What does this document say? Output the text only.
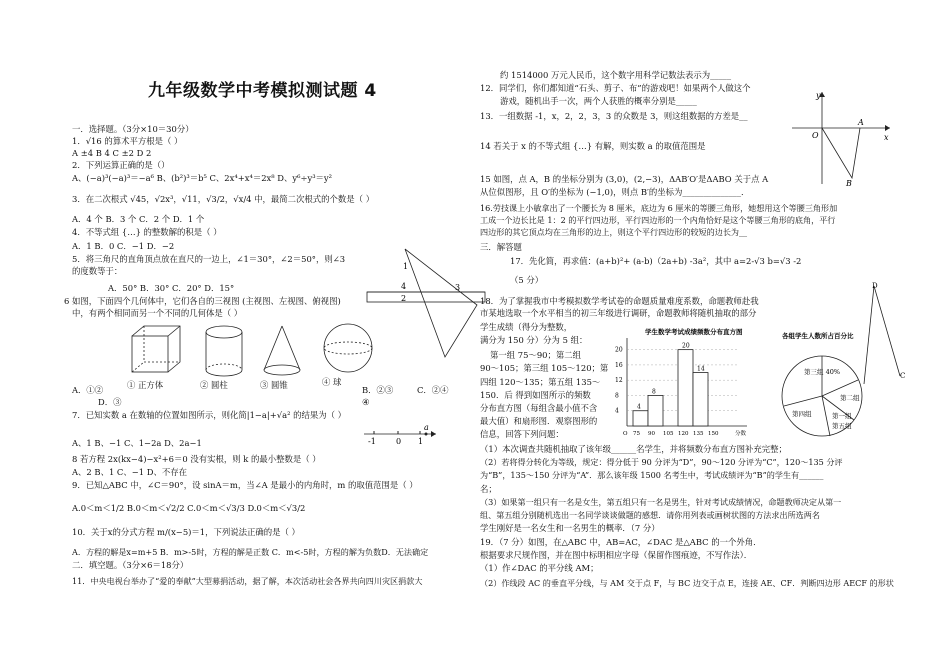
九年级数学中考模拟测试题 4
一．选择题。（3分×10＝30分）
1．√16 的算术平方根是（ ）
A ±4 B 4 C ±2 D 2
2．下列运算正确的是（）
A、(−a)³(−a)³＝−a⁶ B、(b²)³＝b⁵ C、2x⁴+x⁴＝2x⁸ D、y⁶÷y³＝y²
3．在二次根式 √45，√2x³，√11，√3/2，√x/4 中，最简二次根式的个数是（ ）
A．4 个 B．3 个 C．2 个 D．1 个
4．不等式组 {…} 的整数解的积是（ ）
A．1 B．0 C．−1 D．−2
5．将三角尺的直角顶点放在直尺的一边上，∠1＝30°，∠2＝50°，则∠3
的度数等于：
A．50° B．30° C．20° D．15°
6 如图，下面四个几何体中，它们各自的三视图 (主视图、左视图、俯视图)
中，有两个相同而另一个不同的几何体是（ ）
A．①②
D．③
7．已知实数 a 在数轴的位置如图所示，则化简|1−a|+√a² 的结果为（ ）
A、1 B、−1 C、1−2a D、2a−1
8 若方程 2x(kx−4)−x²+6＝0 没有实根，则 k 的最小整数是（ ）
A、2 B、1 C、−1 D、不存在
9．已知△ABC 中，∠C＝90°，设 sinA＝m，当∠A 是最小的内角时，m 的取值范围是（ ）
A.0＜m＜1/2 B.0＜m＜√2/2 C.0＜m＜√3/3 D.0＜m＜√3/2
10．关于x的分式方程 m/(x−5)＝1，下列说法正确的是（ ）
A．方程的解是x=m+5 B．m>-5时，方程的解是正数 C．m<-5时，方程的解为负数D．无法确定
二．填空题。（3分×6＝18分）
11．中央电视台举办了“爱的奉献”大型募捐活动，据了解，本次活动社会各界共向四川灾区捐款大
B．②③	C．②④
④
① 正方体	② 圆柱	③ 圆锥	④ 球
1
2
3
4
-1	0 1
a
约 1514000 万元人民币，这个数字用科学记数法表示为_____
12．同学们，你们都知道“石头、剪子、布”的游戏吧！如果两个人做这个
游戏，随机出手一次，两个人获胜的概率分别是_____
13．一组数据 -1，x，2，2，3，3 的众数是 3，则这组数据的方差是__
14 若关于 x 的不等式组 {…} 有解，则实数 a 的取值范围是
15 如图，点 A，B 的坐标分别为 (3,0)，(2,−3)，ΔAB′O′是ΔABO 关于点 A
从位似图形，且 O′的坐标为 (−1,0)，则点 B′的坐标为______________．
16.劳技课上小敏拿出了一个腰长为 8 厘米，底边为 6 厘米的等腰三角形，她想用这个等腰三角形加
工成一个边长比是 1：2 的平行四边形，平行四边形的一个内角恰好是这个等腰三角形的底角，平行
四边形的其它顶点均在三角形的边上，则这个平行四边形的较短的边长为__
三．解答题
17．先化简，再求值：(a+b)²+ (a-b)（2a+b) -3a²，其中 a=2-√3 b=√3 -2
（5 分）
18．为了掌握我市中考模拟数学考试卷的命题质量难度系数，命题教师赴我
市某地选取一个水平相当的初三年级进行调研，命题教师将随机抽取的部分
学生成绩（得分为整数，
满分为 150 分）分为 5 组：
第一组 75～90；第二组
90～105；第三组 105～120；第
四组 120～135；第五组 135～
150．后 得到如图所示的频数
分布直方图（每组含最小值不含
最大值）和扇形图．观察图形的
信息，回答下列问题：
（1）本次调查共随机抽取了该年级______名学生，并将频数分布直方图补充完整；
（2）若将得分转化为等级，规定：得分低于 90 分评为“D”，90～120 分评为“C”，120～135 分评
为“B”，135～150 分评为“A”．那么该年级 1500 名考生中，考试成绩评为“B”的学生有______
名；
（3）如果第一组只有一名是女生，第五组只有一名是男生，针对考试成绩情况，命题教师决定从第一
组、第五组分别随机选出一名同学谈谈做题的感想．请你用列表或画树状图的方法求出所选两名
学生刚好是一名女生和一名男生的概率．（7 分）
19．（7 分）如图，在△ABC 中，AB=AC，∠DAC 是△ABC 的一个外角．
根据要求尺规作图，并在图中标明相应字母（保留作图痕迹，不写作法）．
（1）作∠DAC 的平分线 AM；
（2）作线段 AC 的垂直平分线，与 AM 交于点 F，与 BC 边交于点 E，连接 AE、CF．判断四边形 AECF 的形状
y
A
x
O
B
学生数学考试成绩频数分布直方图
20
16
12
8
4
O 75 90 105 120 135 150	分数
4
8
20
14
各组学生人数所占百分比
第三组 40%
第二组
第四组	第一组
第五组
D
C
